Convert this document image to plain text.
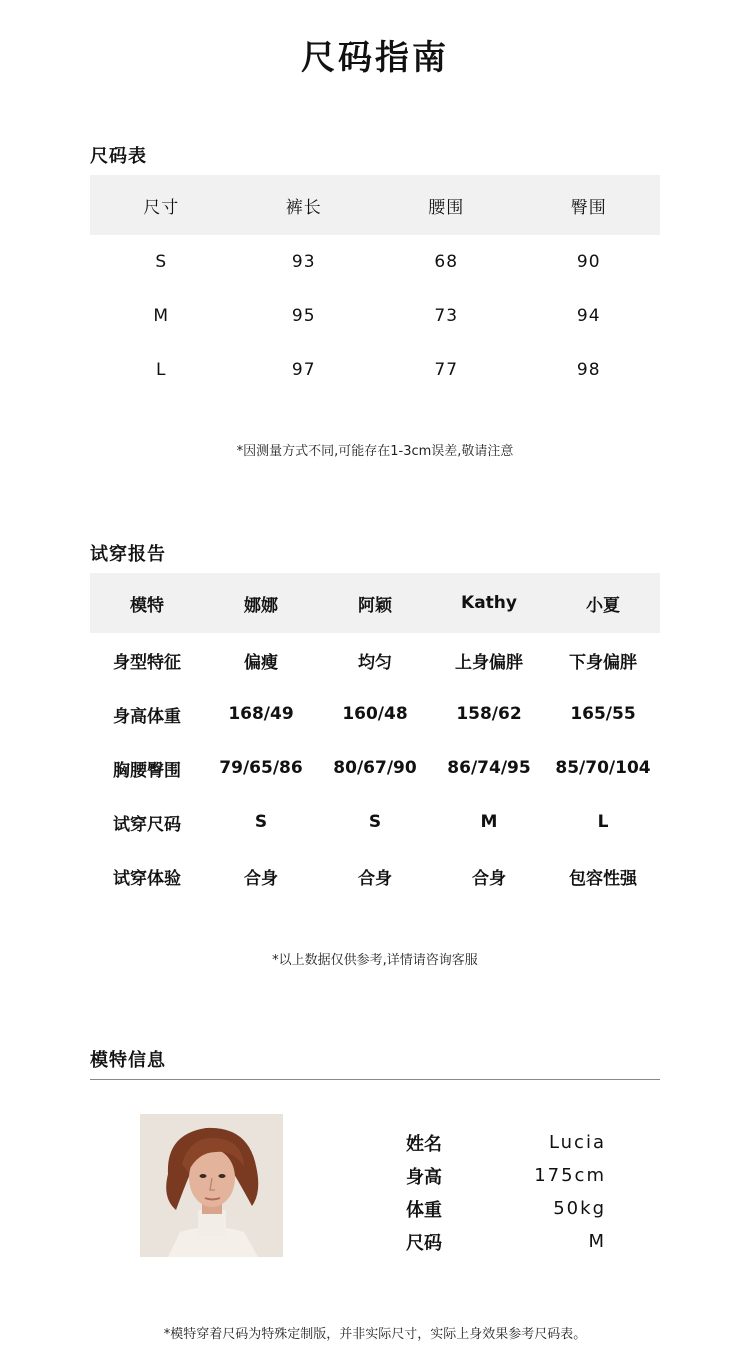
尺码指南
尺码表
尺寸	裤长	腰围	臀围
S	93	68	90
M	95	73	94
L	97	77	98
*因测量方式不同,可能存在1-3cm误差,敬请注意
试穿报告
模特	娜娜	阿颖	Kathy	小夏
身型特征	偏瘦	均匀	上身偏胖	下身偏胖
身高体重	168/49	160/48	158/62	165/55
胸腰臀围	79/65/86	80/67/90	86/74/95	85/70/104
试穿尺码	S	S	M	L
试穿体验	合身	合身	合身	包容性强
*以上数据仅供参考,详情请咨询客服
模特信息
姓名	Lucia
身高	175cm
体重	50kg
尺码	M
*模特穿着尺码为特殊定制版，并非实际尺寸，实际上身效果参考尺码表。
